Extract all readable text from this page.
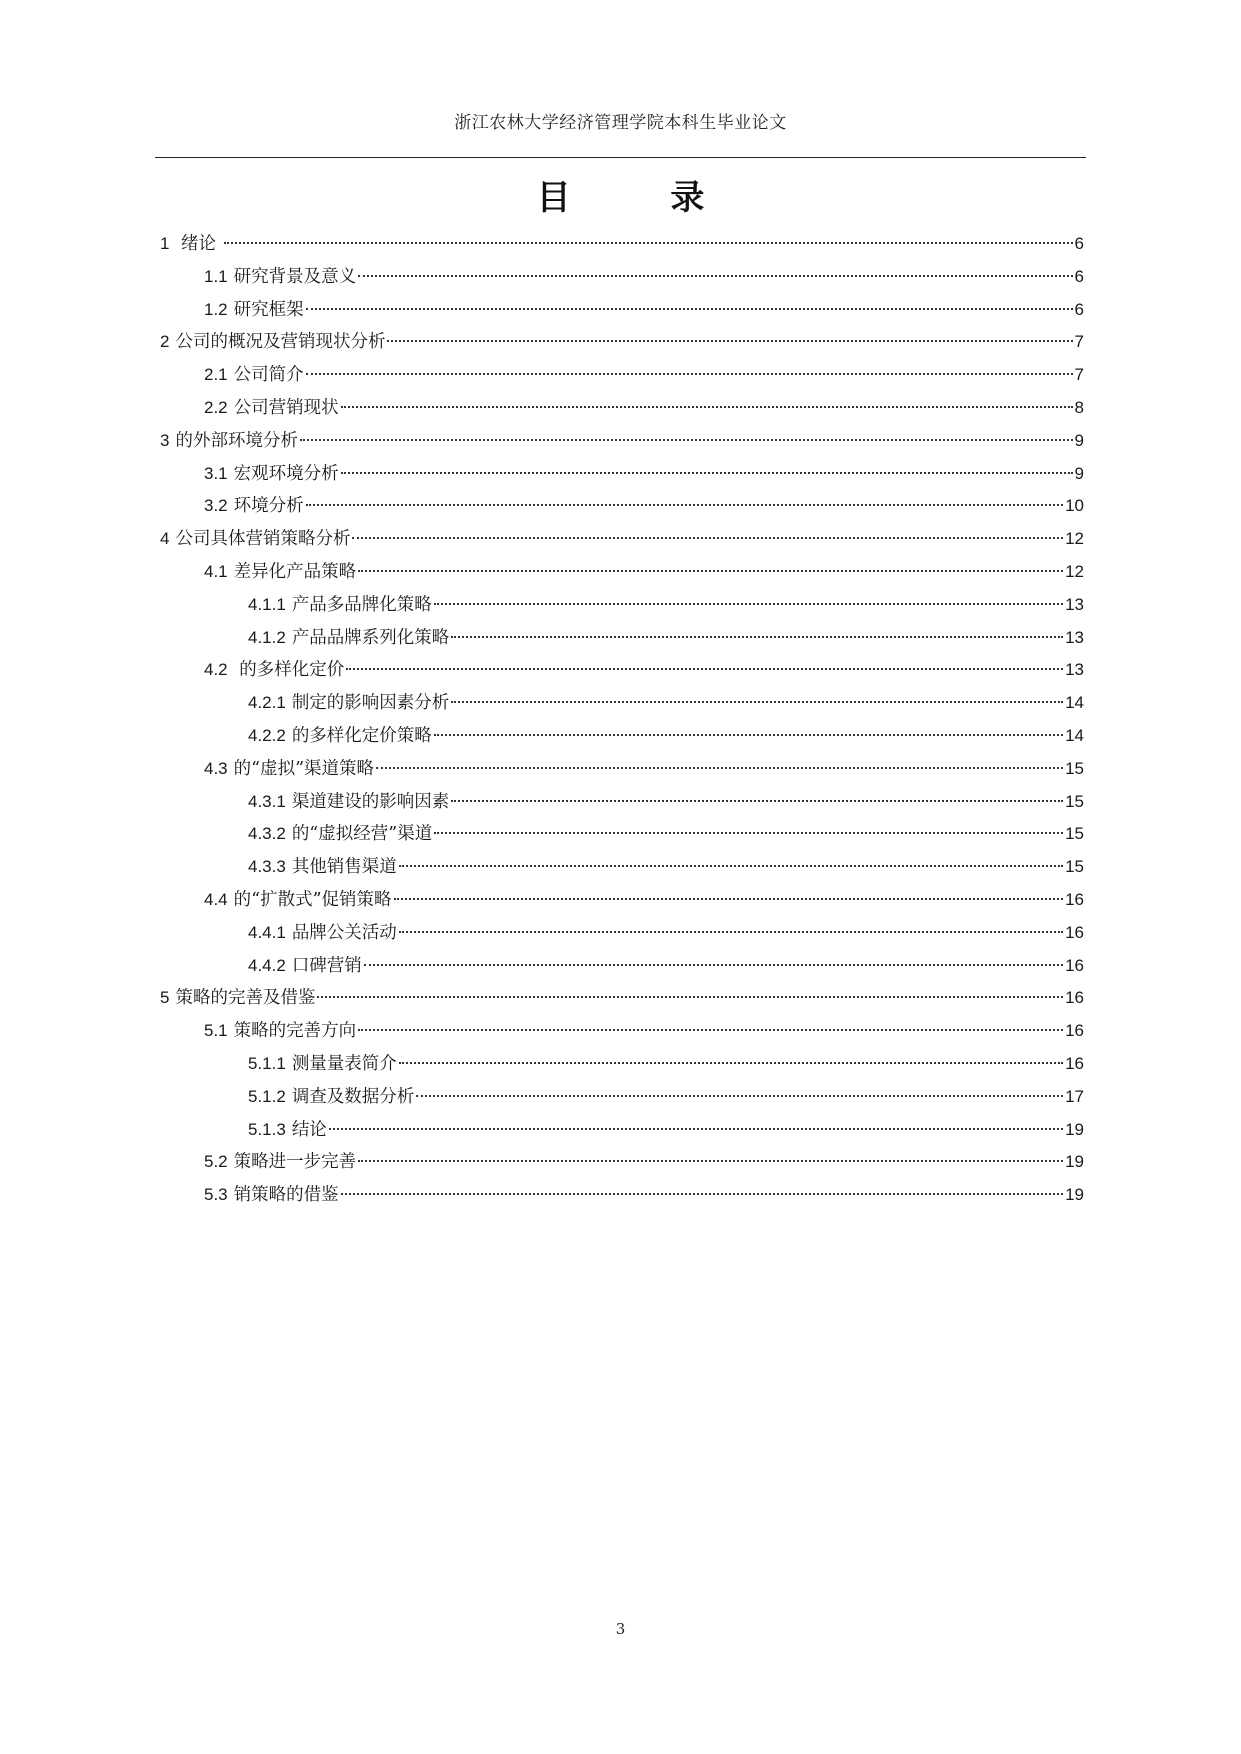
浙江农林大学经济管理学院本科生毕业论文
目 录
1 绪论	6
1.1 研究背景及意义	6
1.2 研究框架	6
2 公司的概况及营销现状分析	7
2.1 公司简介	7
2.2 公司营销现状	8
3 的外部环境分析	9
3.1 宏观环境分析	9
3.2 环境分析	10
4 公司具体营销策略分析	12
4.1 差异化产品策略	12
4.1.1 产品多品牌化策略	13
4.1.2 产品品牌系列化策略	13
4.2 的多样化定价	13
4.2.1 制定的影响因素分析	14
4.2.2 的多样化定价策略	14
4.3 的“虚拟”渠道策略	15
4.3.1 渠道建设的影响因素	15
4.3.2 的“虚拟经营”渠道	15
4.3.3 其他销售渠道	15
4.4 的“扩散式”促销策略	16
4.4.1 品牌公关活动	16
4.4.2 口碑营销	16
5 策略的完善及借鉴	16
5.1 策略的完善方向	16
5.1.1 测量量表简介	16
5.1.2 调查及数据分析	17
5.1.3 结论	19
5.2 策略进一步完善	19
5.3 销策略的借鉴	19
3
